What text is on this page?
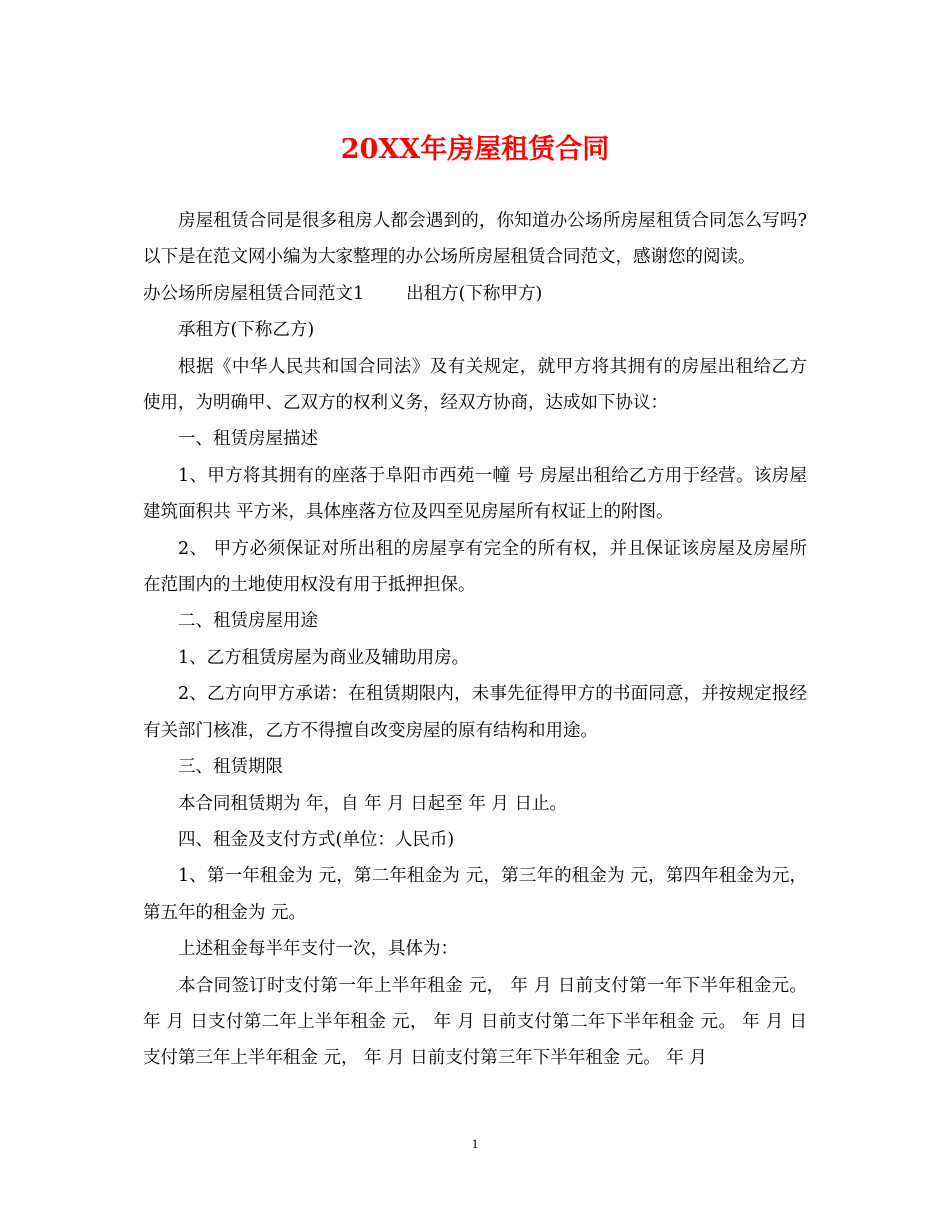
20XX年房屋租赁合同

房屋租赁合同是很多租房人都会遇到的，你知道办公场所房屋租赁合同怎么写吗?以下是在范文网小编为大家整理的办公场所房屋租赁合同范文，感谢您的阅读。

办公场所房屋租赁合同范文1 出租方(下称甲方)

承租方(下称乙方)

根据《中华人民共和国合同法》及有关规定，就甲方将其拥有的房屋出租给乙方使用，为明确甲、乙双方的权利义务，经双方协商，达成如下协议：

一、租赁房屋描述

1、甲方将其拥有的座落于阜阳市西苑一幢 号 房屋出租给乙方用于经营。该房屋建筑面积共 平方米，具体座落方位及四至见房屋所有权证上的附图。

2、 甲方必须保证对所出租的房屋享有完全的所有权，并且保证该房屋及房屋所在范围内的土地使用权没有用于抵押担保。

二、租赁房屋用途

1、乙方租赁房屋为商业及辅助用房。

2、乙方向甲方承诺：在租赁期限内，未事先征得甲方的书面同意，并按规定报经有关部门核准，乙方不得擅自改变房屋的原有结构和用途。

三、租赁期限

本合同租赁期为 年，自 年 月 日起至 年 月 日止。

四、租金及支付方式(单位：人民币)

1、第一年租金为 元，第二年租金为 元，第三年的租金为 元，第四年租金为元，第五年的租金为 元。

上述租金每半年支付一次，具体为：

本合同签订时支付第一年上半年租金 元， 年 月 日前支付第一年下半年租金元。 年 月 日支付第二年上半年租金 元， 年 月 日前支付第二年下半年租金 元。 年 月 日支付第三年上半年租金 元， 年 月 日前支付第三年下半年租金 元。 年 月

1
